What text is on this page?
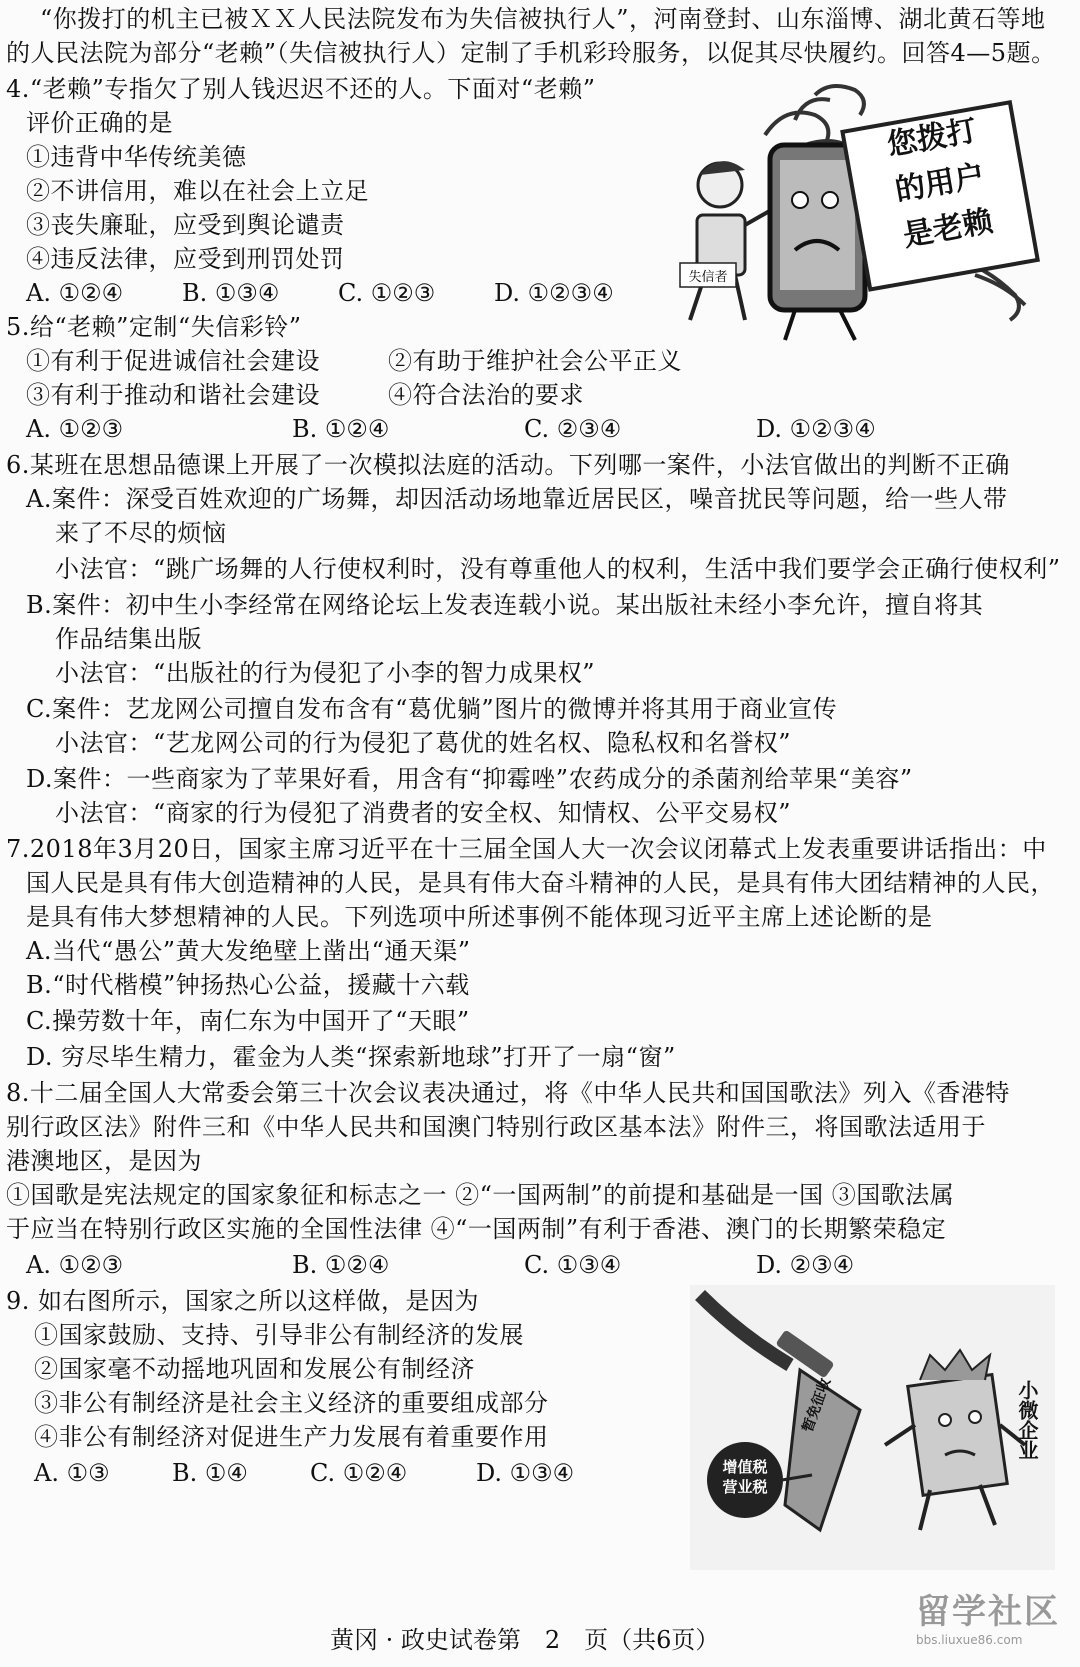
“你拨打的机主已被ＸＸ人民法院发布为失信被执行人”，河南登封、山东淄博、湖北黄石等地
的人民法院为部分“老赖”（失信被执行人）定制了手机彩玲服务，以促其尽快履约。回答4—5题。
4.“老赖”专指欠了别人钱迟迟不还的人。下面对“老赖”
评价正确的是
①违背中华传统美德
②不讲信用，难以在社会上立足
③丧失廉耻，应受到舆论谴责
④违反法律，应受到刑罚处罚
A. ①②④ B. ①③④ C. ①②③ D. ①②③④
失信者
您拨打
的用户
是老赖
5.给“老赖”定制“失信彩铃”
①有利于促进诚信社会建设	②有助于维护社会公平正义
③有利于推动和谐社会建设	④符合法治的要求
A. ①②③	B. ①②④	C. ②③④	D. ①②③④
6.某班在思想品德课上开展了一次模拟法庭的活动。下列哪一案件，小法官做出的判断不正确
A.案件：深受百姓欢迎的广场舞，却因活动场地靠近居民区，噪音扰民等问题，给一些人带
来了不尽的烦恼
小法官：“跳广场舞的人行使权利时，没有尊重他人的权利，生活中我们要学会正确行使权利”
B.案件：初中生小李经常在网络论坛上发表连载小说。某出版社未经小李允许，擅自将其
作品结集出版
小法官：“出版社的行为侵犯了小李的智力成果权”
C.案件：艺龙网公司擅自发布含有“葛优躺”图片的微博并将其用于商业宣传
小法官：“艺龙网公司的行为侵犯了葛优的姓名权、隐私权和名誉权”
D.案件：一些商家为了苹果好看，用含有“抑霉唑”农药成分的杀菌剂给苹果“美容”
小法官：“商家的行为侵犯了消费者的安全权、知情权、公平交易权”
7.2018年3月20日，国家主席习近平在十三届全国人大一次会议闭幕式上发表重要讲话指出：中
国人民是具有伟大创造精神的人民，是具有伟大奋斗精神的人民，是具有伟大团结精神的人民，
是具有伟大梦想精神的人民。下列选项中所述事例不能体现习近平主席上述论断的是
A.当代“愚公”黄大发绝壁上凿出“通天渠”
B.“时代楷模”钟扬热心公益，援藏十六载
C.操劳数十年，南仁东为中国开了“天眼”
D. 穷尽毕生精力，霍金为人类“探索新地球”打开了一扇“窗”
8.十二届全国人大常委会第三十次会议表决通过，将《中华人民共和国国歌法》列入《香港特
别行政区法》附件三和《中华人民共和国澳门特别行政区基本法》附件三，将国歌法适用于
港澳地区，是因为
①国歌是宪法规定的国家象征和标志之一 ②“一国两制”的前提和基础是一国 ③国歌法属
于应当在特别行政区实施的全国性法律 ④“一国两制”有利于香港、澳门的长期繁荣稳定
A. ①②③	B. ①②④	C. ①③④	D. ②③④
9. 如右图所示，国家之所以这样做，是因为
①国家鼓励、支持、引导非公有制经济的发展
②国家毫不动摇地巩固和发展公有制经济
③非公有制经济是社会主义经济的重要组成部分
④非公有制经济对促进生产力发展有着重要作用
A. ①③	B. ①④	C. ①②④	D. ①③④
暂免征收
增值税
营业税
小微企业
黄冈 · 政史试卷第　2　页（共6页）
留学社区
bbs.liuxue86.com
